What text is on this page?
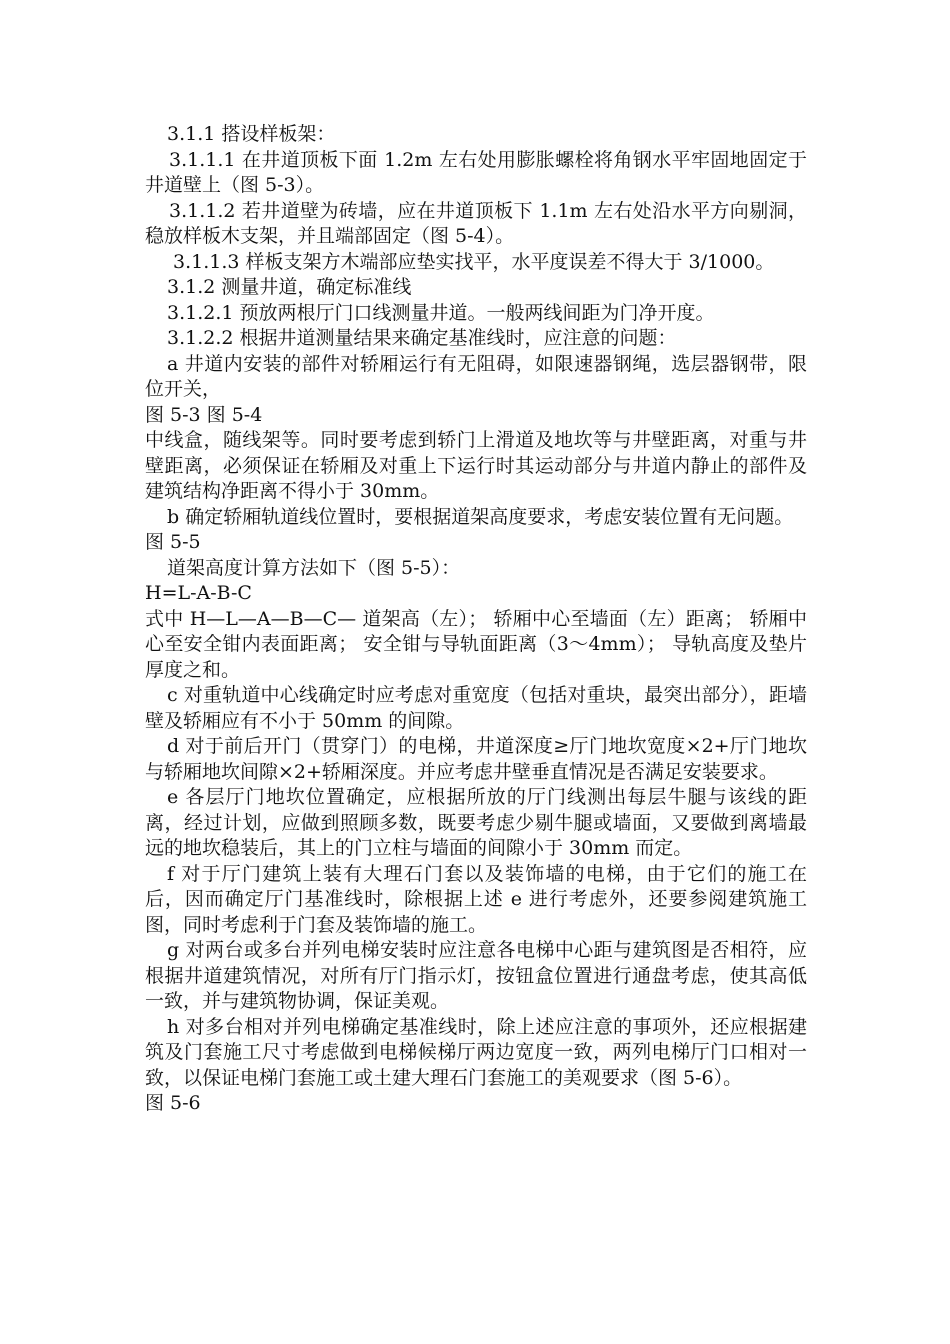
3.1.1 搭设样板架：

3.1.1.1 在井道顶板下面 1.2m 左右处用膨胀螺栓将角钢水平牢固地固定于井道壁上（图 5-3）。

3.1.1.2 若井道壁为砖墙，应在井道顶板下 1.1m 左右处沿水平方向剔洞，稳放样板木支架，并且端部固定（图 5-4）。

3.1.1.3 样板支架方木端部应垫实找平，水平度误差不得大于 3/1000。

3.1.2 测量井道，确定标准线

3.1.2.1 预放两根厅门口线测量井道。一般两线间距为门净开度。

3.1.2.2 根据井道测量结果来确定基准线时，应注意的问题：

a 井道内安装的部件对轿厢运行有无阻碍，如限速器钢绳，选层器钢带，限位开关，

图 5-3 图 5-4

中线盒，随线架等。同时要考虑到轿门上滑道及地坎等与井壁距离，对重与井壁距离，必须保证在轿厢及对重上下运行时其运动部分与井道内静止的部件及建筑结构净距离不得小于 30mm。

b 确定轿厢轨道线位置时，要根据道架高度要求，考虑安装位置有无问题。

图 5-5

道架高度计算方法如下（图 5-5）：

H=L-A-B-C

式中 H—L—A—B—C— 道架高（左）； 轿厢中心至墙面（左）距离； 轿厢中心至安全钳内表面距离； 安全钳与导轨面距离（3～4mm）； 导轨高度及垫片厚度之和。

c 对重轨道中心线确定时应考虑对重宽度（包括对重块，最突出部分），距墙壁及轿厢应有不小于 50mm 的间隙。

d 对于前后开门（贯穿门）的电梯，井道深度≥厅门地坎宽度×2+厅门地坎与轿厢地坎间隙×2+轿厢深度。并应考虑井壁垂直情况是否满足安装要求。

e 各层厅门地坎位置确定，应根据所放的厅门线测出每层牛腿与该线的距离，经过计划，应做到照顾多数，既要考虑少剔牛腿或墙面，又要做到离墙最远的地坎稳装后，其上的门立柱与墙面的间隙小于 30mm 而定。

f 对于厅门建筑上装有大理石门套以及装饰墙的电梯，由于它们的施工在后，因而确定厅门基准线时，除根据上述 e 进行考虑外，还要参阅建筑施工图，同时考虑利于门套及装饰墙的施工。

g 对两台或多台并列电梯安装时应注意各电梯中心距与建筑图是否相符，应根据井道建筑情况，对所有厅门指示灯，按钮盒位置进行通盘考虑，使其高低一致，并与建筑物协调，保证美观。

h 对多台相对并列电梯确定基准线时，除上述应注意的事项外，还应根据建筑及门套施工尺寸考虑做到电梯候梯厅两边宽度一致，两列电梯厅门口相对一致，以保证电梯门套施工或土建大理石门套施工的美观要求（图 5-6）。

图 5-6
